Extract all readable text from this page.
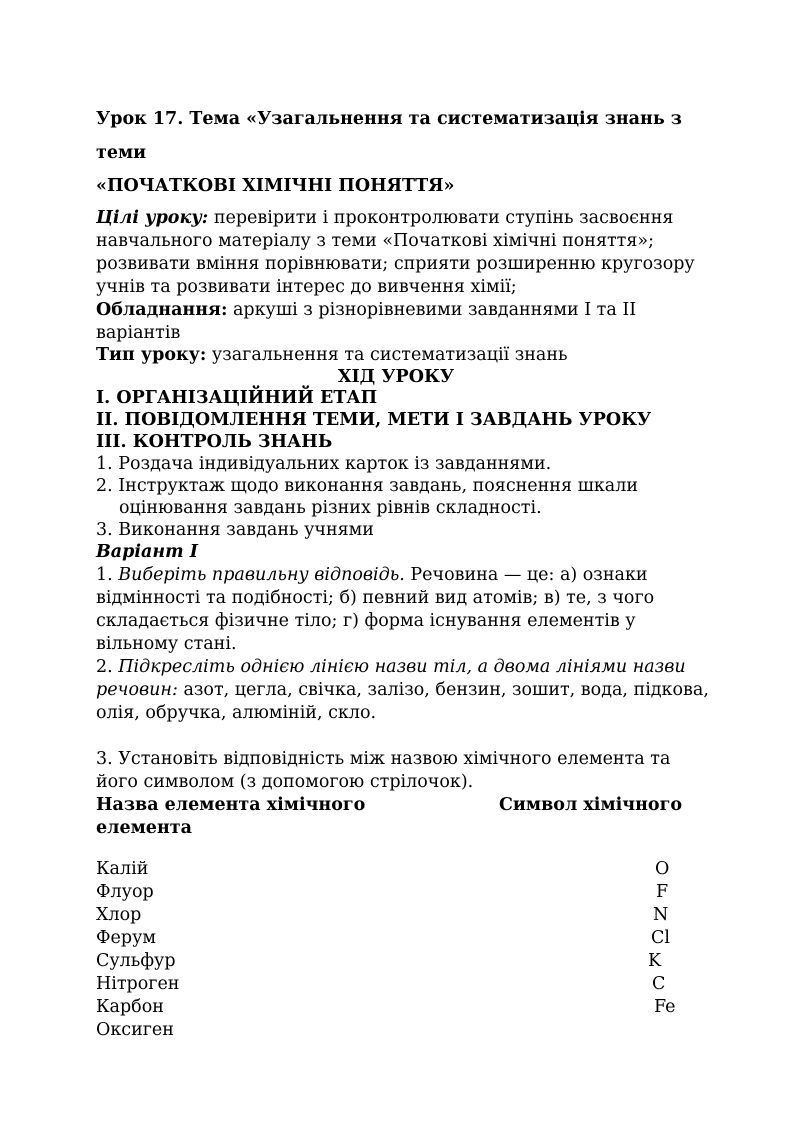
Урок 17. Тема «Узагальнення та систематизація знань з
теми
«ПОЧАТКОВІ ХІМІЧНІ ПОНЯТТЯ»
Цілі уроку: перевірити і проконтролювати ступінь засвоєння
навчального матеріалу з теми «Початкові хімічні поняття»;
розвивати вміння порівнювати; сприяти розширенню кругозору
учнів та розвивати інтерес до вивчення хімії;
Обладнання: аркуші з різнорівневими завданнями І та ІІ
варіантів
Тип уроку: узагальнення та систематизації знань
ХІД УРОКУ
І. ОРГАНІЗАЦІЙНИЙ ЕТАП
ІІ. ПОВІДОМЛЕННЯ ТЕМИ, МЕТИ І ЗАВДАНЬ УРОКУ
ІІІ. КОНТРОЛЬ ЗНАНЬ
1. Роздача індивідуальних карток із завданнями.
2. Інструктаж щодо виконання завдань, пояснення шкали
оцінювання завдань різних рівнів складності.
3. Виконання завдань учнями
Варіант І
1. Виберіть правильну відповідь. Речовина — це: а) ознаки
відмінності та подібності; б) певний вид атомів; в) те, з чого
складається фізичне тіло; г) форма існування елементів у
вільному стані.
2. Підкресліть однією лінією назви тіл, а двома лініями назви
речовин: азот, цегла, свічка, залізо, бензин, зошит, вода, підкова,
олія, обручка, алюміній, скло.
3. Установіть відповідність між назвою хімічного елемента та
його символом (з допомогою стрілочок).
Назва елемента хімічного	Символ хімічного
елемента
Калій
Флуор
Хлор
Ферум
Сульфур
Нітроген
Карбон
Оксиген
O
F
N
Cl
K
C
Fe
